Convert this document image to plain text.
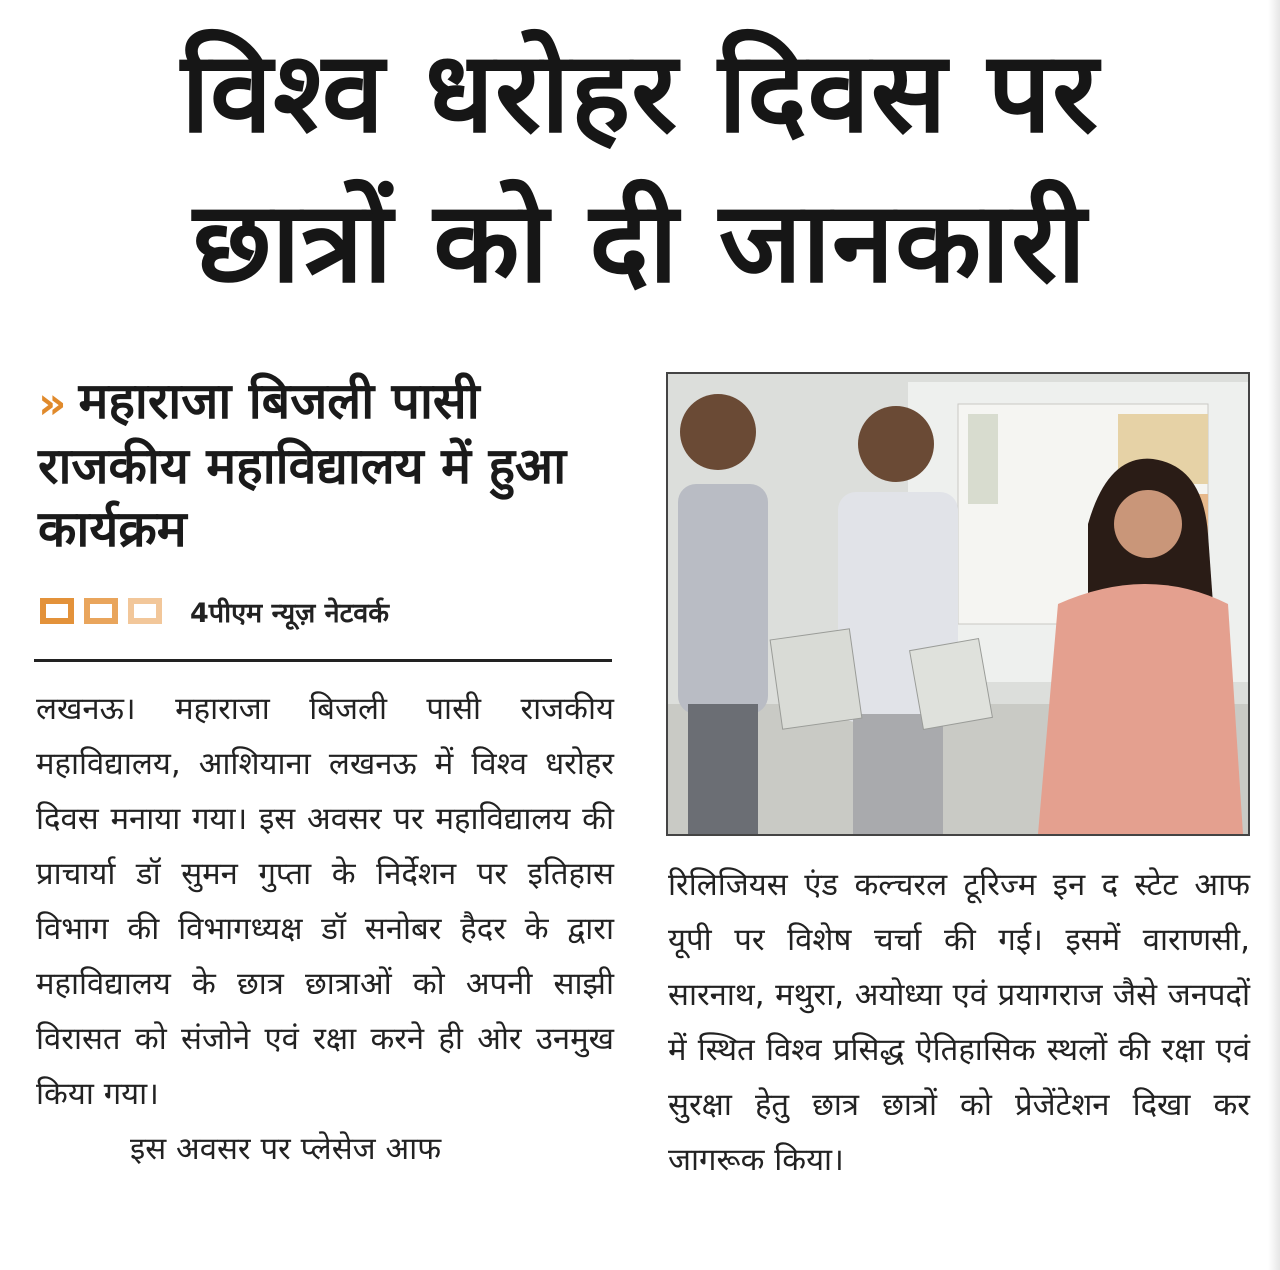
विश्व धरोहर दिवस पर
छात्रों को दी जानकारी
» महाराजा बिजली पासी राजकीय महाविद्यालय में हुआ कार्यक्रम
4पीएम न्यूज़ नेटवर्क

लखनऊ। महाराजा बिजली पासी राजकीय महाविद्यालय, आशियाना लखनऊ में विश्व धरोहर दिवस मनाया गया। इस अवसर पर महाविद्यालय की प्राचार्या डॉ सुमन गुप्ता के निर्देशन पर इतिहास विभाग की विभागध्यक्ष डॉ सनोबर हैदर के द्वारा महाविद्यालय के छात्र छात्राओं को अपनी साझी विरासत को संजोने एवं रक्षा करने ही ओर उनमुख किया गया।

इस अवसर पर प्लेसेज आफ

रिलिजियस एंड कल्चरल टूरिज्म इन द स्टेट आफ यूपी पर विशेष चर्चा की गई। इसमें वाराणसी, सारनाथ, मथुरा, अयोध्या एवं प्रयागराज जैसे जनपदों में स्थित विश्व प्रसिद्ध ऐतिहासिक स्थलों की रक्षा एवं सुरक्षा हेतु छात्र छात्रों को प्रेजेंटेशन दिखा कर जागरूक किया।
